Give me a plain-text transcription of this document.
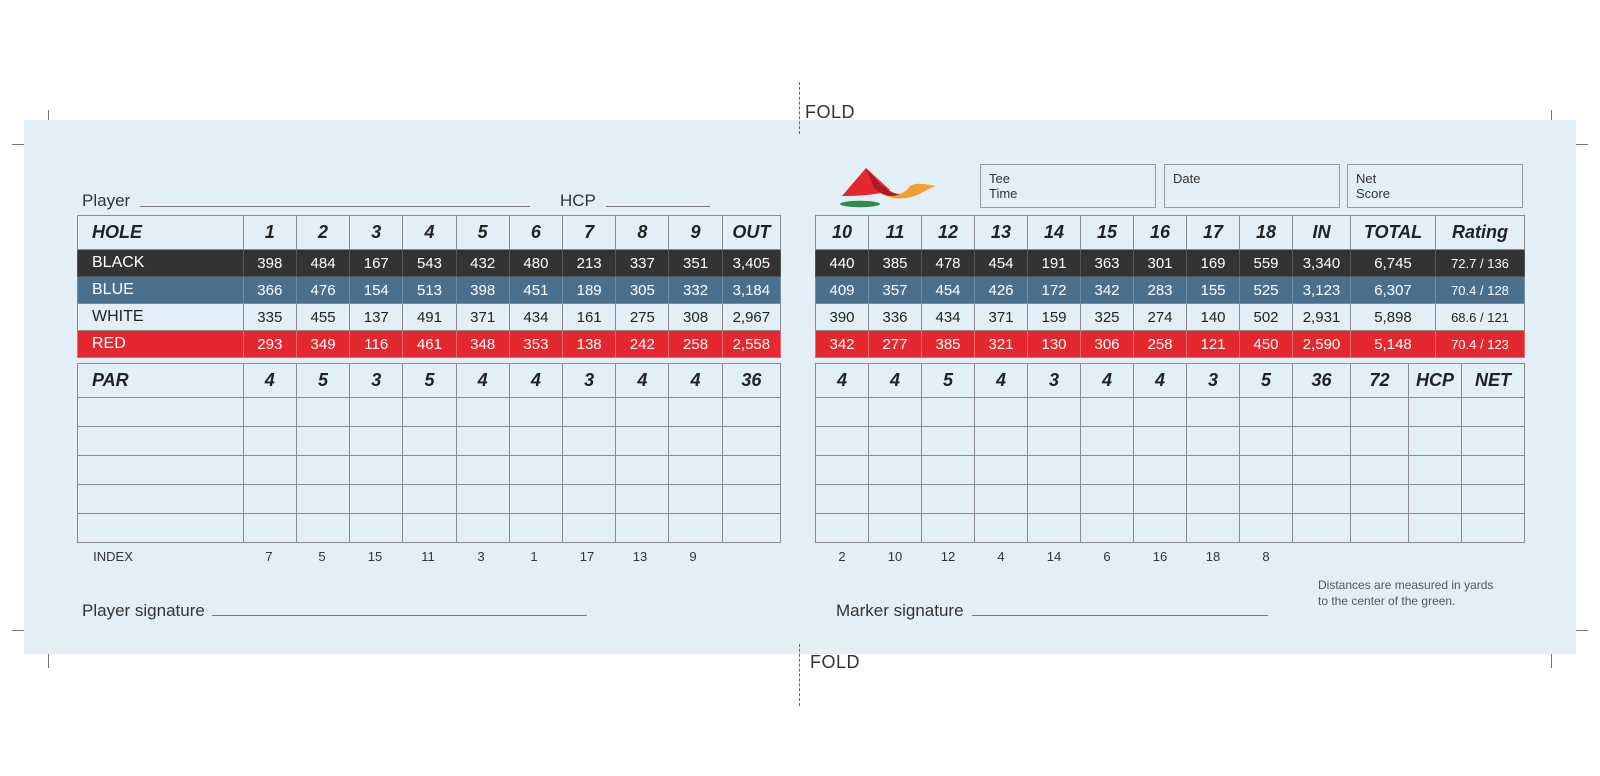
FOLD
FOLD
Player	HCP
Tee
Time
Date	Net
Score
HOLE	1	2	3	4	5	6	7	8	9	OUT
BLACK	398	484	167	543	432	480	213	337	351	3,405
BLUE	366	476	154	513	398	451	189	305	332	3,184
WHITE	335	455	137	491	371	434	161	275	308	2,967
RED	293	349	116	461	348	353	138	242	258	2,558
PAR	4	5	3	5	4	4	3	4	4	36

INDEX	7	5	15	11	3	1	17	13	9
10	11	12	13	14	15	16	17	18	IN	TOTAL	Rating
440	385	478	454	191	363	301	169	559	3,340	6,745	72.7 / 136
409	357	454	426	172	342	283	155	525	3,123	6,307	70.4 / 128
390	336	434	371	159	325	274	140	502	2,931	5,898	68.6 / 121
342	277	385	321	130	306	258	121	450	2,590	5,148	70.4 / 123
4	4	5	4	3	4	4	3	5	36	72	HCP	NET

2	10	12	4	14	6	16	18	8
Player signature	Marker signature
Distances are measured in yards
to the center of the green.
